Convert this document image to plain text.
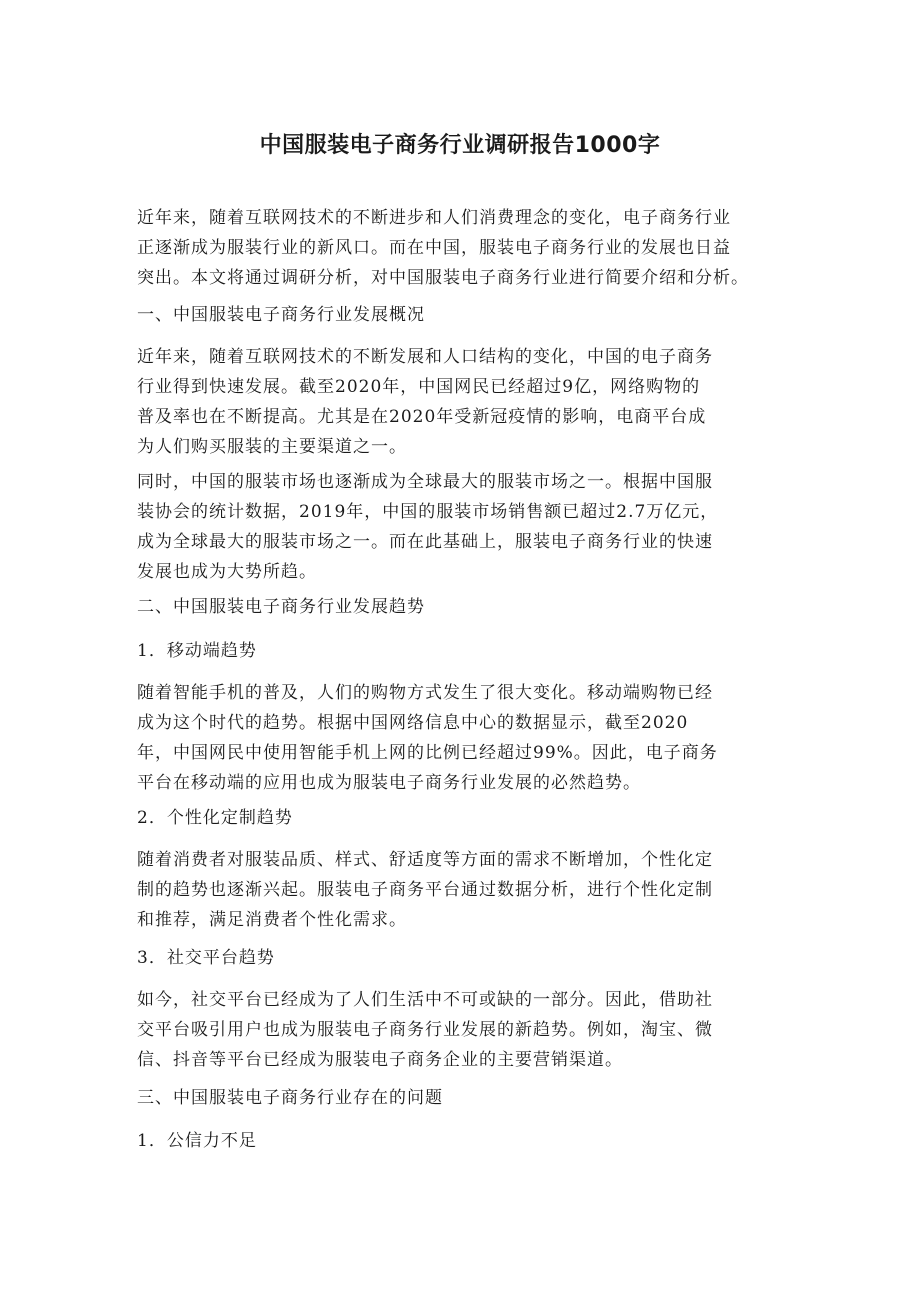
中国服装电子商务行业调研报告1000字
近年来，随着互联网技术的不断进步和人们消费理念的变化，电子商务行业
正逐渐成为服装行业的新风口。而在中国，服装电子商务行业的发展也日益
突出。本文将通过调研分析，对中国服装电子商务行业进行简要介绍和分析。
一、中国服装电子商务行业发展概况
近年来，随着互联网技术的不断发展和人口结构的变化，中国的电子商务
行业得到快速发展。截至2020年，中国网民已经超过9亿，网络购物的
普及率也在不断提高。尤其是在2020年受新冠疫情的影响，电商平台成
为人们购买服装的主要渠道之一。
同时，中国的服装市场也逐渐成为全球最大的服装市场之一。根据中国服
装协会的统计数据，2019年，中国的服装市场销售额已超过2.7万亿元，
成为全球最大的服装市场之一。而在此基础上，服装电子商务行业的快速
发展也成为大势所趋。
二、中国服装电子商务行业发展趋势
1．移动端趋势
随着智能手机的普及，人们的购物方式发生了很大变化。移动端购物已经
成为这个时代的趋势。根据中国网络信息中心的数据显示，截至2020
年，中国网民中使用智能手机上网的比例已经超过99%。因此，电子商务
平台在移动端的应用也成为服装电子商务行业发展的必然趋势。
2．个性化定制趋势
随着消费者对服装品质、样式、舒适度等方面的需求不断增加，个性化定
制的趋势也逐渐兴起。服装电子商务平台通过数据分析，进行个性化定制
和推荐，满足消费者个性化需求。
3．社交平台趋势
如今，社交平台已经成为了人们生活中不可或缺的一部分。因此，借助社
交平台吸引用户也成为服装电子商务行业发展的新趋势。例如，淘宝、微
信、抖音等平台已经成为服装电子商务企业的主要营销渠道。
三、中国服装电子商务行业存在的问题
1．公信力不足
